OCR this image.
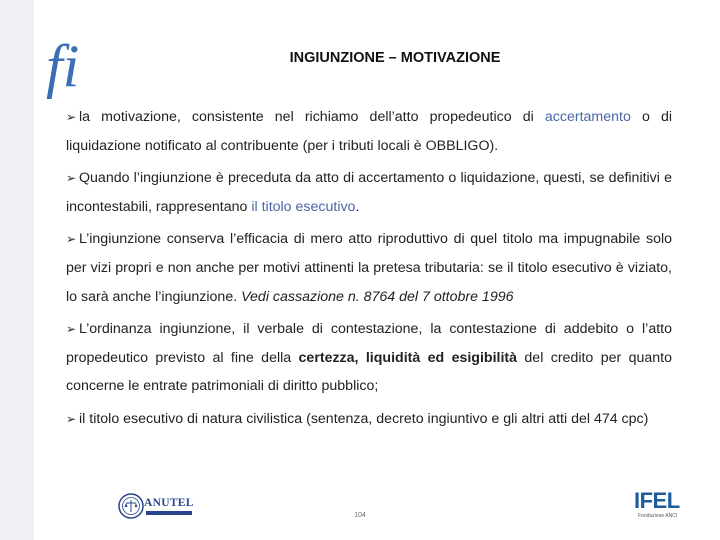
fi	INGIUNZIONE – MOTIVAZIONE

➢ la motivazione, consistente nel richiamo dell’atto propedeutico di accertamento o di liquidazione notificato al contribuente (per i tributi locali è OBBLIGO).

➢ Quando l’ingiunzione è preceduta da atto di accertamento o liquidazione, questi, se definitivi e incontestabili, rappresentano il titolo esecutivo.

➢ L’ingiunzione conserva l’efficacia di mero atto riproduttivo di quel titolo ma impugnabile solo per vizi propri e non anche per motivi attinenti la pretesa tributaria: se il titolo esecutivo è viziato, lo sarà anche l’ingiunzione. Vedi cassazione n. 8764 del 7 ottobre 1996

➢ L’ordinanza ingiunzione, il verbale di contestazione, la contestazione di addebito o l’atto propedeutico previsto al fine della certezza, liquidità ed esigibilità del credito per quanto concerne le entrate patrimoniali di diritto pubblico;

➢ il titolo esecutivo di natura civilistica (sentenza, decreto ingiuntivo e gli altri atti del 474 cpc)

ANUTEL
104
IFEL
Fondazione ANCI
